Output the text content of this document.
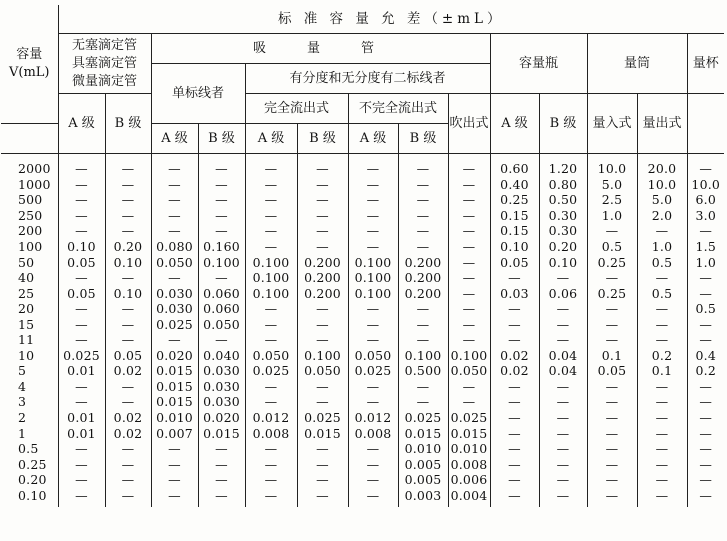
容量
V(mL)	标 准 容 量 允 差（±mL）													

	无塞滴定管
具塞滴定管
微量滴定管		吸　量　管							容量瓶		量筒		量杯
			单标线者		有分度和无分度有二标线者									
	A 级	B 级			完全流出式		不完全流出式		吹出式	A 级	B 级	量入式	量出式	
			A 级	B 级	A 级	B 级	A 级	B 级						
2000	—	—	—	—	—	—	—	—	—	0.60	1.20	10.0	20.0	—
1000	—	—	—	—	—	—	—	—	—	0.40	0.80	5.0	10.0	10.0
500	—	—	—	—	—	—	—	—	—	0.25	0.50	2.5	5.0	6.0
250	—	—	—	—	—	—	—	—	—	0.15	0.30	1.0	2.0	3.0
200	—	—	—	—	—	—	—	—	—	0.15	0.30	—	—	—
100	0.10	0.20	0.080	0.160	—	—	—	—	—	0.10	0.20	0.5	1.0	1.5
50	0.05	0.10	0.050	0.100	0.100	0.200	0.100	0.200	—	0.05	0.10	0.25	0.5	1.0
40	—	—	—	—	0.100	0.200	0.100	0.200	—	—	—	—	—	—
25	0.05	0.10	0.030	0.060	0.100	0.200	0.100	0.200	—	0.03	0.06	0.25	0.5	—
20	—	—	0.030	0.060	—	—	—	—	—	—	—	—	—	0.5
15	—	—	0.025	0.050	—	—	—	—	—	—	—	—	—	—
11	—	—	—	—	—	—	—	—	—	—	—	—	—	—
10	0.025	0.05	0.020	0.040	0.050	0.100	0.050	0.100	0.100	0.02	0.04	0.1	0.2	0.4
5	0.01	0.02	0.015	0.030	0.025	0.050	0.025	0.500	0.050	0.02	0.04	0.05	0.1	0.2
4	—	—	0.015	0.030	—	—	—	—	—	—	—	—	—	—
3	—	—	0.015	0.030	—	—	—	—	—	—	—	—	—	—
2	0.01	0.02	0.010	0.020	0.012	0.025	0.012	0.025	0.025	—	—	—	—	—
1	0.01	0.02	0.007	0.015	0.008	0.015	0.008	0.015	0.015	—	—	—	—	—
0.5	—	—	—	—	—	—	—	0.010	0.010	—	—	—	—	—
0.25	—	—	—	—	—	—	—	0.005	0.008	—	—	—	—	—
0.20	—	—	—	—	—	—	—	0.005	0.006	—	—	—	—	—
0.10	—	—	—	—	—	—	—	0.003	0.004	—	—	—	—	—
